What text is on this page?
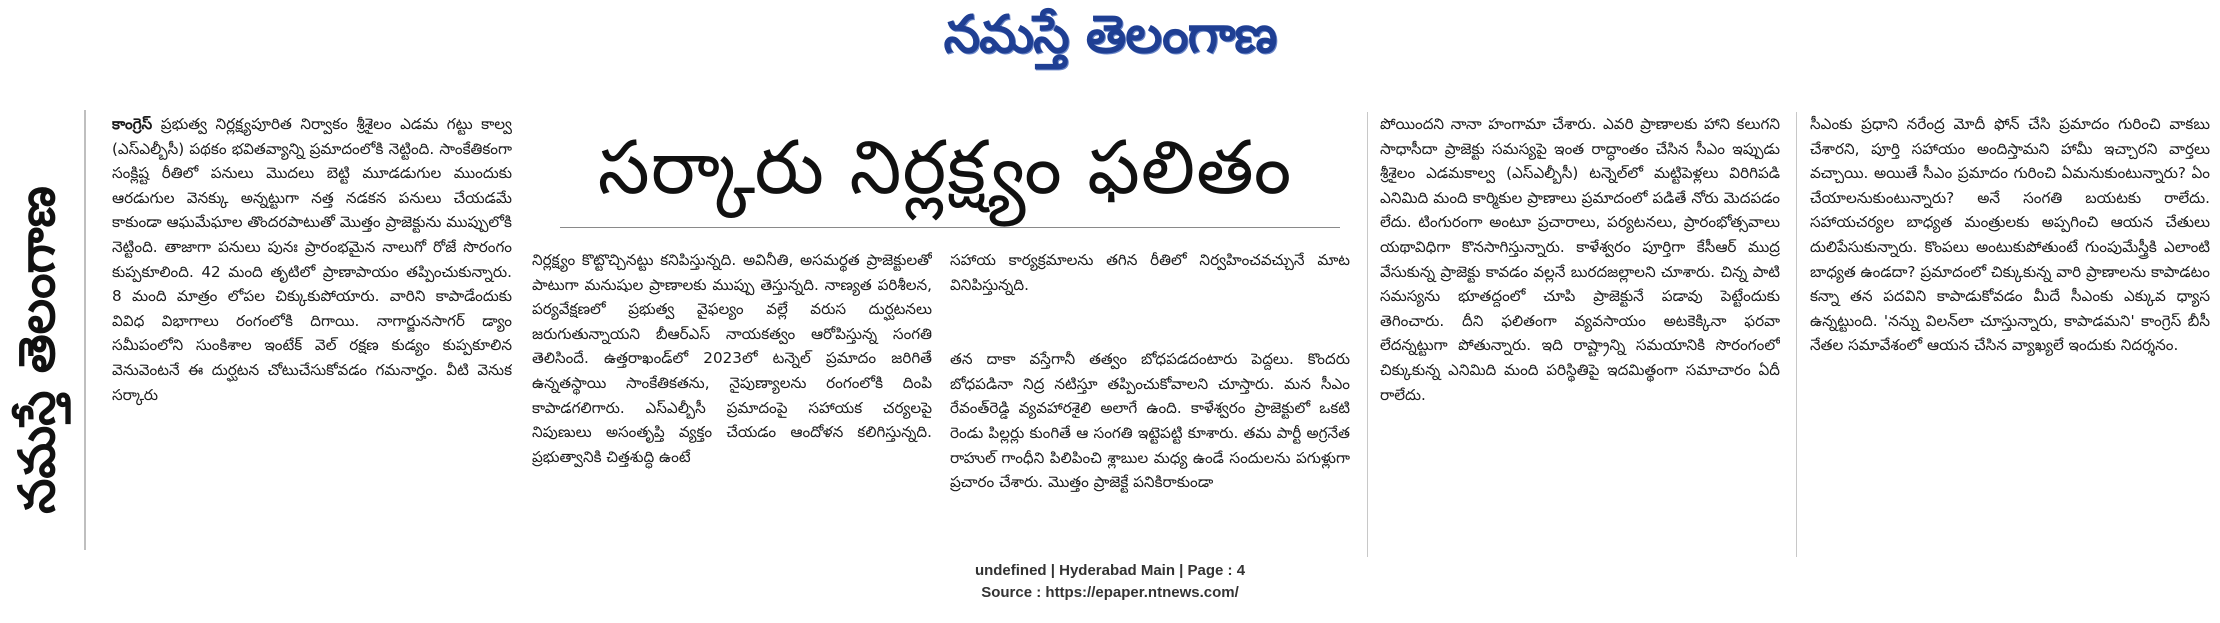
నమస్తే తెలంగాణ
నమస్తే తెలంగాణ

కాంగ్రెస్ ప్రభుత్వ నిర్లక్ష్యపూరిత నిర్వాకం శ్రీశైలం ఎడమ గట్టు కాల్వ (ఎస్ఎల్బీసీ) పథకం భవితవ్యాన్ని ప్రమాదంలోకి నెట్టింది. సాంకేతికంగా సంక్లిష్ట రీతిలో పనులు మొదలు బెట్టి మూడడుగుల ముందుకు ఆరడుగుల వెనక్కు అన్నట్టుగా నత్త నడకన పనులు చేయడమే కాకుండా ఆఘమేఘాల తొందరపాటుతో మొత్తం ప్రాజెక్టును ముప్పులోకి నెట్టింది. తాజాగా పనులు పునః ప్రారంభమైన నాలుగో రోజే సొరంగం కుప్పకూలింది. 42 మంది తృటిలో ప్రాణాపాయం తప్పించుకున్నారు. 8 మంది మాత్రం లోపల చిక్కుకుపోయారు. వారిని కాపాడేందుకు వివిధ విభాగాలు రంగంలోకి దిగాయి. నాగార్జునసాగర్ డ్యాం సమీపంలోని సుంకిశాల ఇంటేక్ వెల్ రక్షణ కుడ్యం కుప్పకూలిన వెనువెంటనే ఈ దుర్ఘటన చోటుచేసుకోవడం గమనార్హం. వీటి వెనుక సర్కారు

సర్కారు నిర్లక్ష్యం ఫలితం

నిర్లక్ష్యం కొట్టొచ్చినట్టు కనిపిస్తున్నది. అవినీతి, అసమర్థత ప్రాజెక్టులతో పాటుగా మనుషుల ప్రాణాలకు ముప్పు తెస్తున్నది. నాణ్యత పరిశీలన, పర్యవేక్షణలో ప్రభుత్వ వైఫల్యం వల్లే వరుస దుర్ఘటనలు జరుగుతున్నాయని బీఆర్ఎస్ నాయకత్వం ఆరోపిస్తున్న సంగతి తెలిసిందే. ఉత్తరాఖండ్‌లో 2023లో టన్నెల్ ప్రమాదం జరిగితే ఉన్నతస్థాయి సాంకేతికతను, నైపుణ్యాలను రంగంలోకి దింపి కాపాడగలిగారు. ఎస్ఎల్బీసీ ప్రమాదంపై సహాయక చర్యలపై నిపుణులు అసంతృప్తి వ్యక్తం చేయడం ఆందోళన కలిగిస్తున్నది. ప్రభుత్వానికి చిత్తశుద్ధి ఉంటే

సహాయ కార్యక్రమాలను తగిన రీతిలో నిర్వహించవచ్చునే మాట వినిపిస్తున్నది.

తన దాకా వస్తేగానీ తత్వం బోధపడదంటారు పెద్దలు. కొందరు బోధపడినా నిద్ర నటిస్తూ తప్పించుకోవాలని చూస్తారు. మన సీఎం రేవంత్‌రెడ్డి వ్యవహారశైలి అలాగే ఉంది. కాళేశ్వరం ప్రాజెక్టులో ఒకటి రెండు పిల్లర్లు కుంగితే ఆ సంగతి ఇట్టెపట్టి కూశారు. తమ పార్టీ అగ్రనేత రాహుల్ గాంధీని పిలిపించి శ్లాబుల మధ్య ఉండే సందులను పగుళ్లుగా ప్రచారం చేశారు. మొత్తం ప్రాజెక్టే పనికిరాకుండా

పోయిందని నానా హంగామా చేశారు. ఎవరి ప్రాణాలకు హాని కలుగని సాధాసీదా ప్రాజెక్టు సమస్యపై ఇంత రాద్ధాంతం చేసిన సీఎం ఇప్పుడు శ్రీశైలం ఎడమకాల్వ (ఎస్ఎల్బీసీ) టన్నెల్‌లో మట్టిపెళ్లలు విరిగిపడి ఎనిమిది మంది కార్మికుల ప్రాణాలు ప్రమాదంలో పడితే నోరు మెదపడం లేదు. టింగురంగా అంటూ ప్రచారాలు, పర్యటనలు, ప్రారంభోత్సవాలు యథావిధిగా కొనసాగిస్తున్నారు. కాళేశ్వరం పూర్తిగా కేసీఆర్ ముద్ర వేసుకున్న ప్రాజెక్టు కావడం వల్లనే బురదజల్లాలని చూశారు. చిన్న పాటి సమస్యను భూతద్దంలో చూపి ప్రాజెక్టునే పడావు పెట్టేందుకు తెగించారు. దీని ఫలితంగా వ్యవసాయం అటకెక్కినా ఫరవా లేదన్నట్టుగా పోతున్నారు. ఇది రాష్ట్రాన్ని సమయానికి సొరంగంలో చిక్కుకున్న ఎనిమిది మంది పరిస్థితిపై ఇదమిత్థంగా సమాచారం ఏదీ రాలేదు.

సీఎంకు ప్రధాని నరేంద్ర మోదీ ఫోన్ చేసి ప్రమాదం గురించి వాకబు చేశారని, పూర్తి సహాయం అందిస్తామని హామీ ఇచ్చారని వార్తలు వచ్చాయి. అయితే సీఎం ప్రమాదం గురించి ఏమనుకుంటున్నారు? ఏం చేయాలనుకుంటున్నారు? అనే సంగతి బయటకు రాలేదు. సహాయచర్యల బాధ్యత మంత్రులకు అప్పగించి ఆయన చేతులు దులిపేసుకున్నారు. కొంపలు అంటుకుపోతుంటే గుంపుమేస్త్రీకి ఎలాంటి బాధ్యత ఉండదా? ప్రమాదంలో చిక్కుకున్న వారి ప్రాణాలను కాపాడటం కన్నా తన పదవిని కాపాడుకోవడం మీదే సీఎంకు ఎక్కువ ధ్యాస ఉన్నట్టుంది. 'నన్ను విలన్‌లా చూస్తున్నారు, కాపాడమని' కాంగ్రెస్ బీసీ నేతల సమావేశంలో ఆయన చేసిన వ్యాఖ్యలే ఇందుకు నిదర్శనం.

undefined | Hyderabad Main | Page : 4
Source : https://epaper.ntnews.com/
